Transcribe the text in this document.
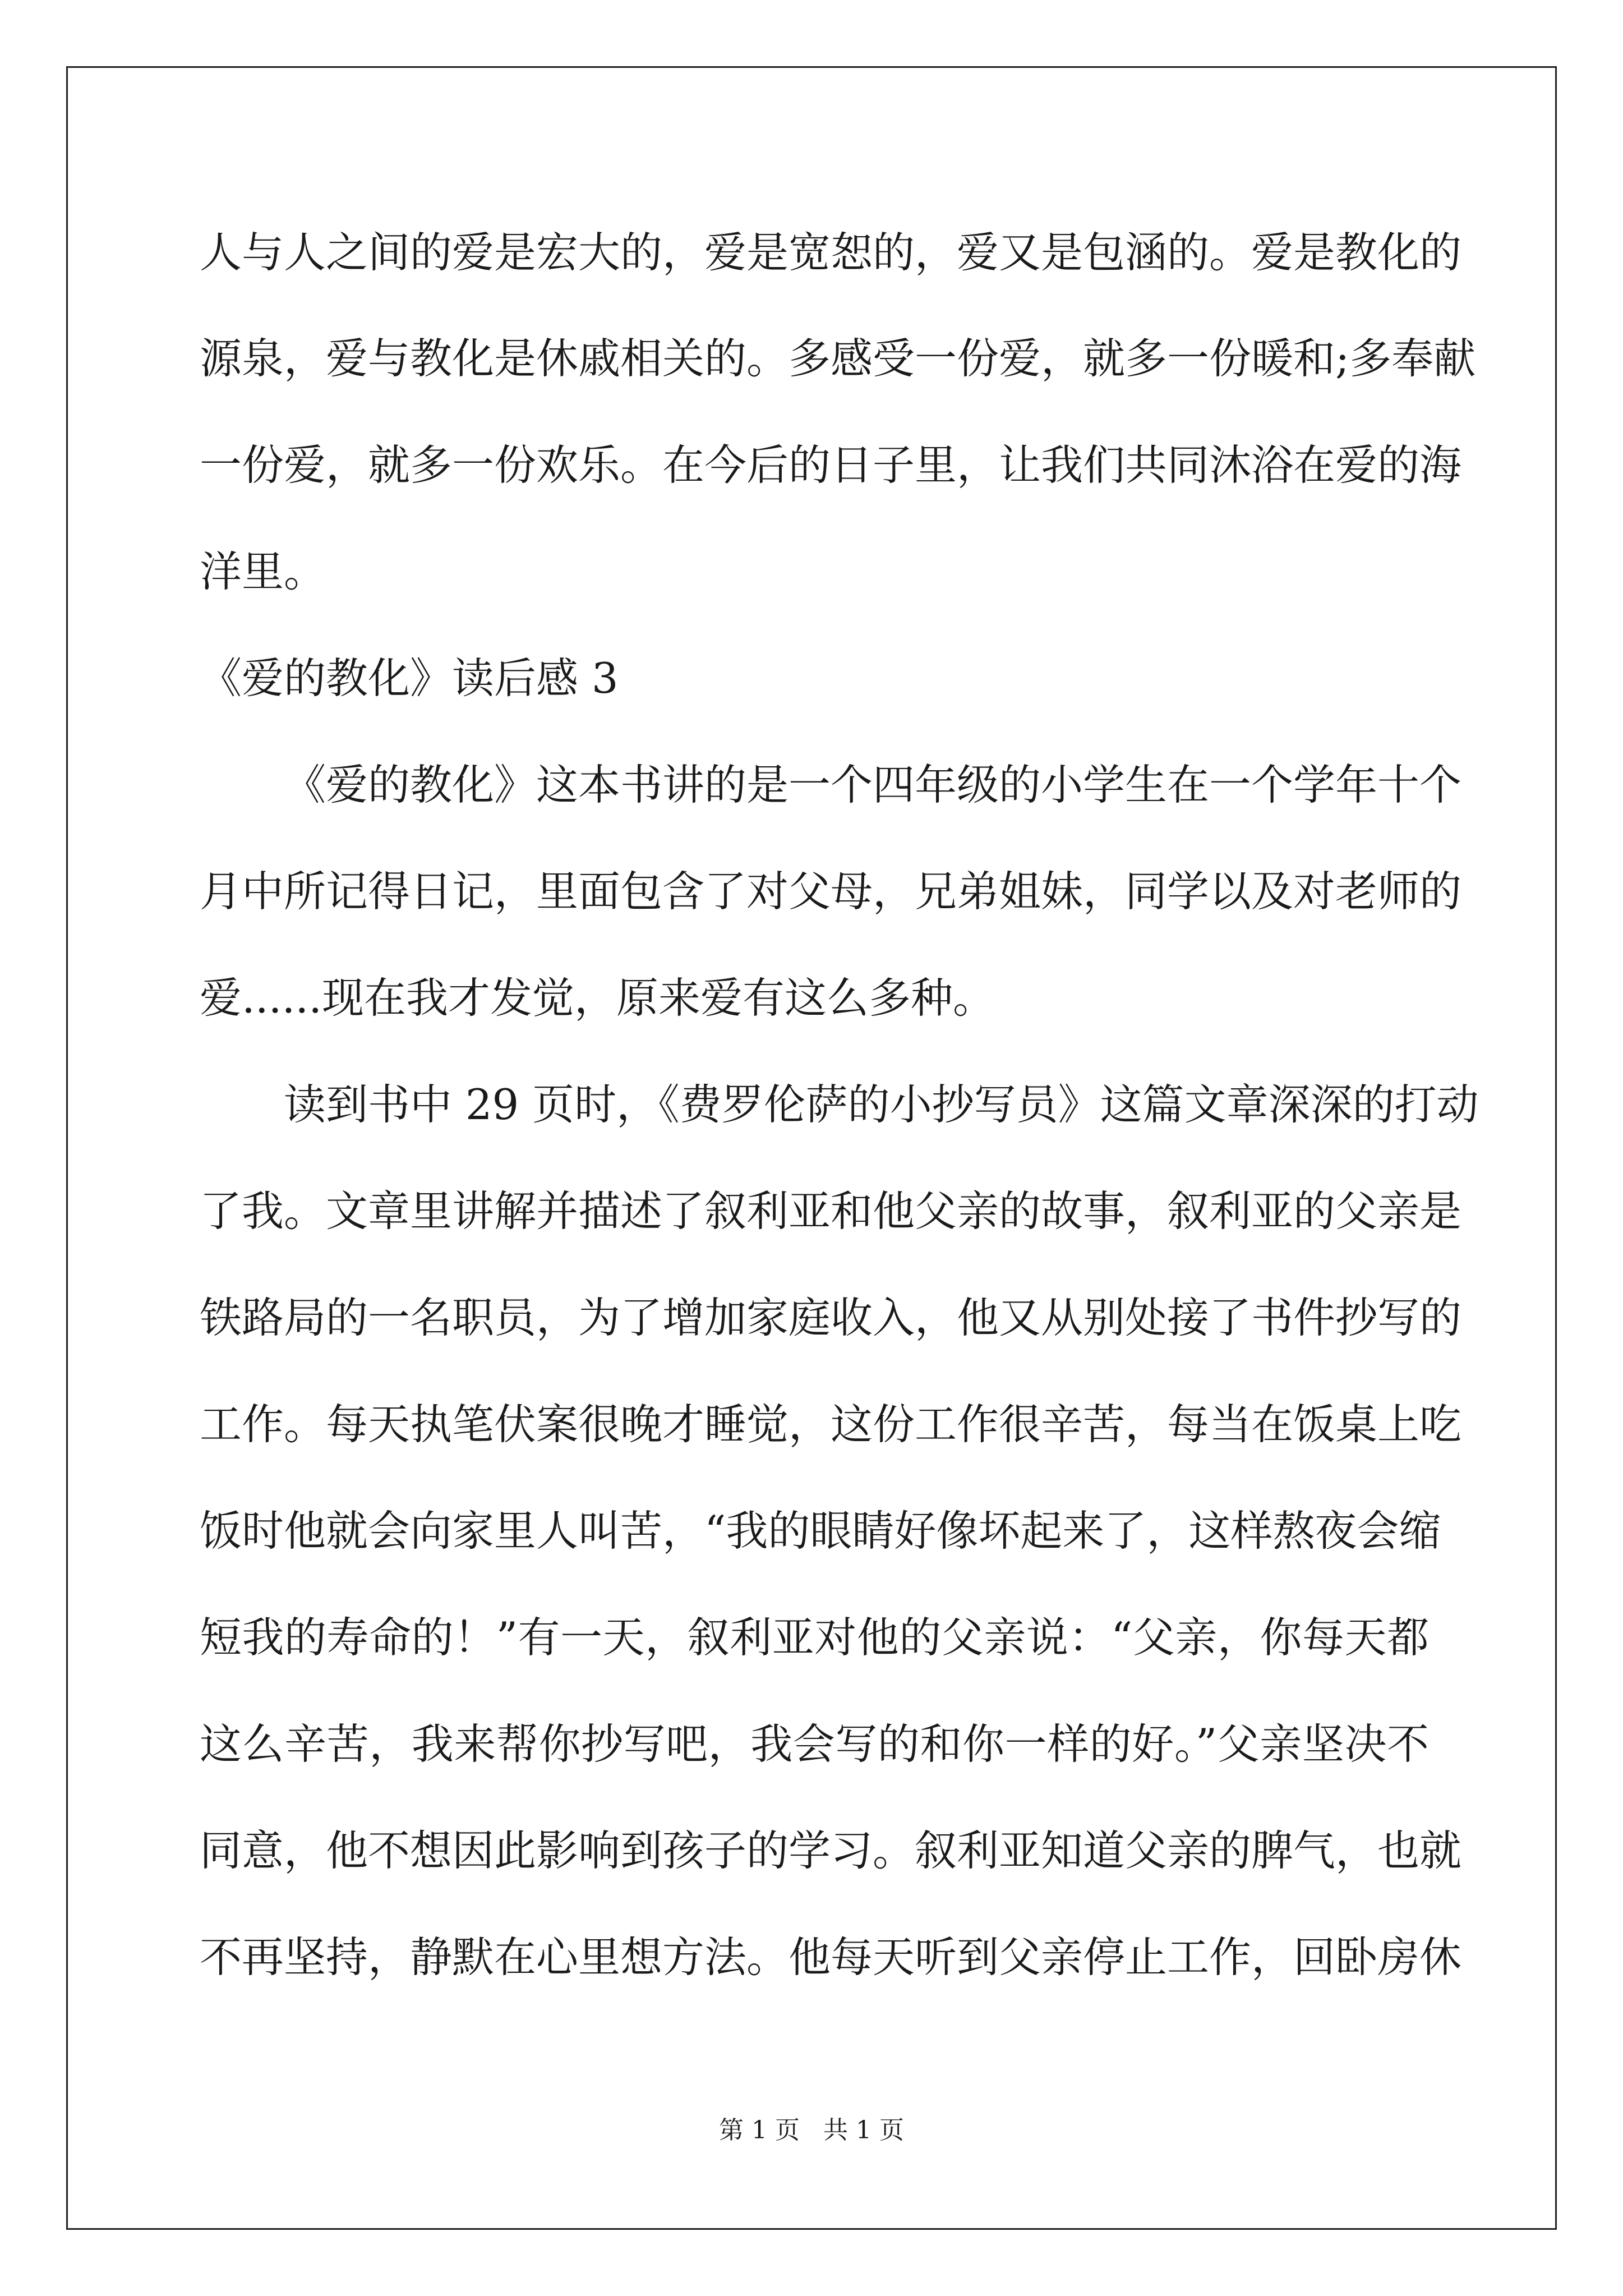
人与人之间的爱是宏大的，爱是宽恕的，爱又是包涵的。爱是教化的
源泉，爱与教化是休戚相关的。多感受一份爱，就多一份暖和;多奉献
一份爱，就多一份欢乐。在今后的日子里，让我们共同沐浴在爱的海
洋里。
《爱的教化》读后感 3
《爱的教化》这本书讲的是一个四年级的小学生在一个学年十个
月中所记得日记，里面包含了对父母，兄弟姐妹，同学以及对老师的
爱......现在我才发觉，原来爱有这么多种。
读到书中 29 页时，《费罗伦萨的小抄写员》这篇文章深深的打动
了我。文章里讲解并描述了叙利亚和他父亲的故事，叙利亚的父亲是
铁路局的一名职员，为了增加家庭收入，他又从别处接了书件抄写的
工作。每天执笔伏案很晚才睡觉，这份工作很辛苦，每当在饭桌上吃
饭时他就会向家里人叫苦，“我的眼睛好像坏起来了，这样熬夜会缩
短我的寿命的！”有一天，叙利亚对他的父亲说：“父亲，你每天都
这么辛苦，我来帮你抄写吧，我会写的和你一样的好。”父亲坚决不
同意，他不想因此影响到孩子的学习。叙利亚知道父亲的脾气，也就
不再坚持，静默在心里想方法。他每天听到父亲停止工作，回卧房休
第 1 页 共 1 页
